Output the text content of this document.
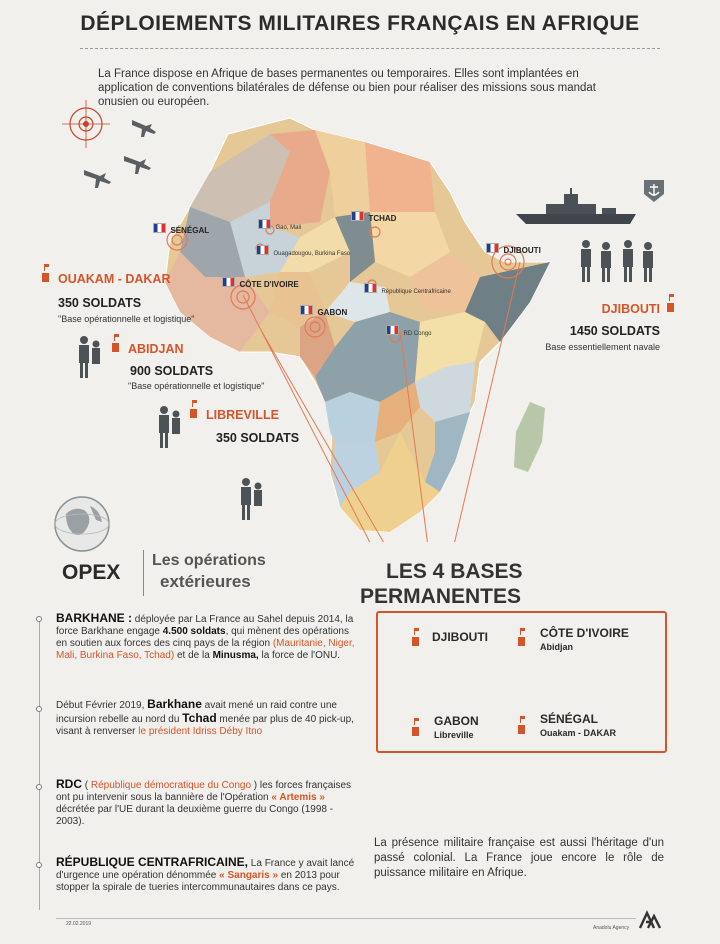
DÉPLOIEMENTS MILITAIRES FRANÇAIS EN AFRIQUE
La France dispose en Afrique de bases permanentes ou temporaires. Elles sont implantées en application de conventions bilatérales de défense ou bien pour réaliser des missions sous mandat onusien ou européen.
SÉNÉGAL	Gao, Mali
Ouagadougou, Burkina Faso
TCHAD
DJIBOUTI
CÔTE D'IVOIRE
République Centrafricaine
GABON
RD Congo
OUAKAM - DAKAR
350 SOLDATS
"Base opérationnelle et logistique"
ABIDJAN
900 SOLDATS
"Base opérationnelle et logistique"
LIBREVILLE
350 SOLDATS
DJIBOUTI
1450 SOLDATS
Base essentiellement navale
OPEX
Les opérations
extérieures
BARKHANE : déployée par La France au Sahel depuis 2014, la force Barkhane engage 4.500 soldats, qui mènent des opérations en soutien aux forces des cinq pays de la région (Mauritanie, Niger, Mali, Burkina Faso, Tchad) et de la Minusma, la force de l'ONU.
Début Février 2019, Barkhane avait mené un raid contre une incursion rebelle au nord du Tchad menée par plus de 40 pick-up, visant à renverser le président Idriss Déby Itno
RDC ( République démocratique du Congo ) les forces françaises ont pu intervenir sous la bannière de l'Opération « Artemis » décrétée par l'UE durant la deuxième guerre du Congo (1998 - 2003).
RÉPUBLIQUE CENTRAFRICAINE, La France y avait lancé d'urgence une opération dénommée « Sangaris » en 2013 pour stopper la spirale de tueries intercommunautaires dans ce pays.
LES 4 BASES
PERMANENTES
DJIBOUTI	CÔTE D'IVOIRE
Abidjan
GABON
Libreville
SÉNÉGAL
Ouakam - DAKAR
La présence militaire française est aussi l'héritage d'un passé colonial. La France joue encore le rôle de puissance militaire en Afrique.
22.02.2019
Anadolu Agency
